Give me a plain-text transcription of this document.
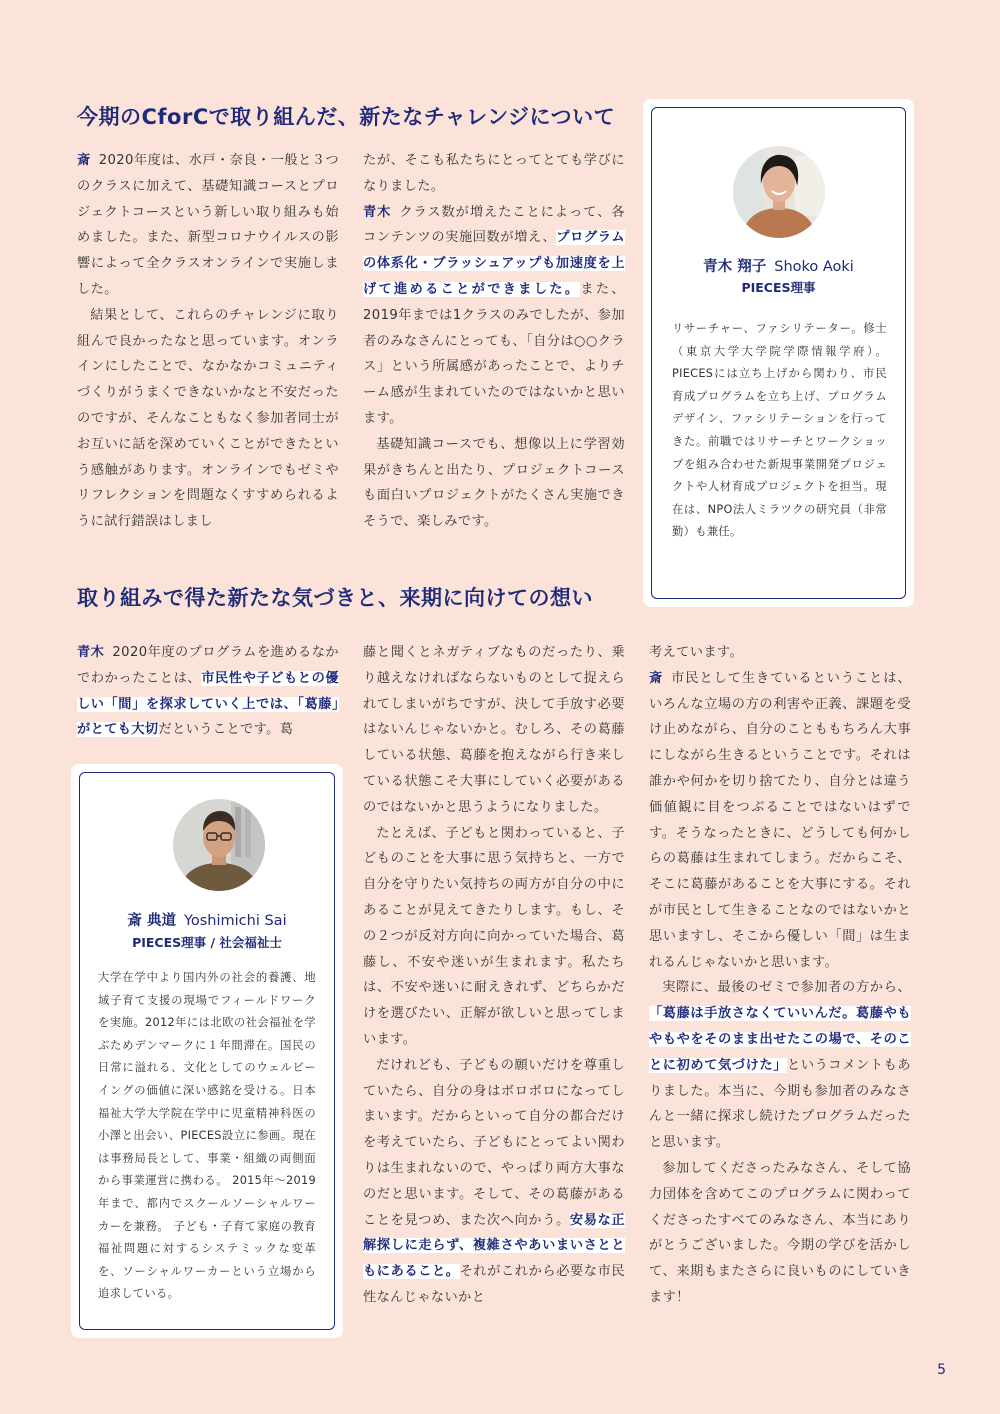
今期のCforCで取り組んだ、新たなチャレンジについて

斎 2020年度は、水戸・奈良・一般と３つのクラスに加えて、基礎知識コースとプロジェクトコースという新しい取り組みも始めました。また、新型コロナウイルスの影響によって全クラスオンラインで実施しました。

結果として、これらのチャレンジに取り組んで良かったなと思っています。オンラインにしたことで、なかなかコミュニティづくりがうまくできないかなと不安だったのですが、そんなこともなく参加者同士がお互いに話を深めていくことができたという感触があります。オンラインでもゼミやリフレクションを問題なくすすめられるように試行錯誤はしまし

たが、そこも私たちにとってとても学びになりました。

青木 クラス数が増えたことによって、各コンテンツの実施回数が増え、プログラムの体系化・ブラッシュアップも加速度を上げて進めることができました。また、2019年までは1クラスのみでしたが、参加者のみなさんにとっても、「自分は○○クラス」という所属感があったことで、よりチーム感が生まれていたのではないかと思います。

基礎知識コースでも、想像以上に学習効果がきちんと出たり、プロジェクトコースも面白いプロジェクトがたくさん実施できそうで、楽しみです。

青木 翔子 Shoko Aoki
PIECES理事

リサーチャー、ファシリテーター。修士（東京大学大学院学際情報学府）。PIECESには立ち上げから関わり、市民育成プログラムを立ち上げ、プログラムデザイン、ファシリテーションを行ってきた。前職ではリサーチとワークショップを組み合わせた新規事業開発プロジェクトや人材育成プロジェクトを担当。現在は、NPO法人ミラツクの研究員（非常勤）も兼任。

取り組みで得た新たな気づきと、来期に向けての想い

青木 2020年度のプログラムを進めるなかでわかったことは、市民性や子どもとの優しい「間」を探求していく上では、「葛藤」がとても大切だということです。葛

斎 典道 Yoshimichi Sai
PIECES理事 / 社会福祉士

大学在学中より国内外の社会的養護、地域子育て支援の現場でフィールドワークを実施。2012年には北欧の社会福祉を学ぶためデンマークに１年間滞在。国民の日常に溢れる、文化としてのウェルビーイングの価値に深い感銘を受ける。日本福祉大学大学院在学中に児童精神科医の小澤と出会い、PIECES設立に参画。現在は事務局長として、事業・組織の両側面から事業運営に携わる。 2015年〜2019年まで、都内でスクールソーシャルワーカーを兼務。 子ども・子育て家庭の教育福祉問題に対するシステミックな変革を、ソーシャルワーカーという立場から追求している。

藤と聞くとネガティブなものだったり、乗り越えなければならないものとして捉えられてしまいがちですが、決して手放す必要はないんじゃないかと。むしろ、その葛藤している状態、葛藤を抱えながら行き来している状態こそ大事にしていく必要があるのではないかと思うようになりました。

たとえば、子どもと関わっていると、子どものことを大事に思う気持ちと、一方で自分を守りたい気持ちの両方が自分の中にあることが見えてきたりします。もし、その２つが反対方向に向かっていた場合、葛藤し、不安や迷いが生まれます。私たちは、不安や迷いに耐えきれず、どちらかだけを選びたい、正解が欲しいと思ってしまいます。

だけれども、子どもの願いだけを尊重していたら、自分の身はボロボロになってしまいます。だからといって自分の都合だけを考えていたら、子どもにとってよい関わりは生まれないので、やっぱり両方大事なのだと思います。そして、その葛藤があることを見つめ、また次へ向かう。安易な正解探しに走らず、複雑さやあいまいさとともにあること。それがこれから必要な市民性なんじゃないかと

考えています。

斎 市民として生きているということは、いろんな立場の方の利害や正義、課題を受け止めながら、自分のことももちろん大事にしながら生きるということです。それは誰かや何かを切り捨てたり、自分とは違う価値観に目をつぶることではないはずです。そうなったときに、どうしても何かしらの葛藤は生まれてしまう。だからこそ、そこに葛藤があることを大事にする。それが市民として生きることなのではないかと思いますし、そこから優しい「間」は生まれるんじゃないかと思います。

実際に、最後のゼミで参加者の方から、「葛藤は手放さなくていいんだ。葛藤やもやもやをそのまま出せたこの場で、そのことに初めて気づけた」というコメントもありました。本当に、今期も参加者のみなさんと一緒に探求し続けたプログラムだったと思います。

参加してくださったみなさん、そして協力団体を含めてこのプログラムに関わってくださったすべてのみなさん、本当にありがとうございました。今期の学びを活かして、来期もまたさらに良いものにしていきます！

5
